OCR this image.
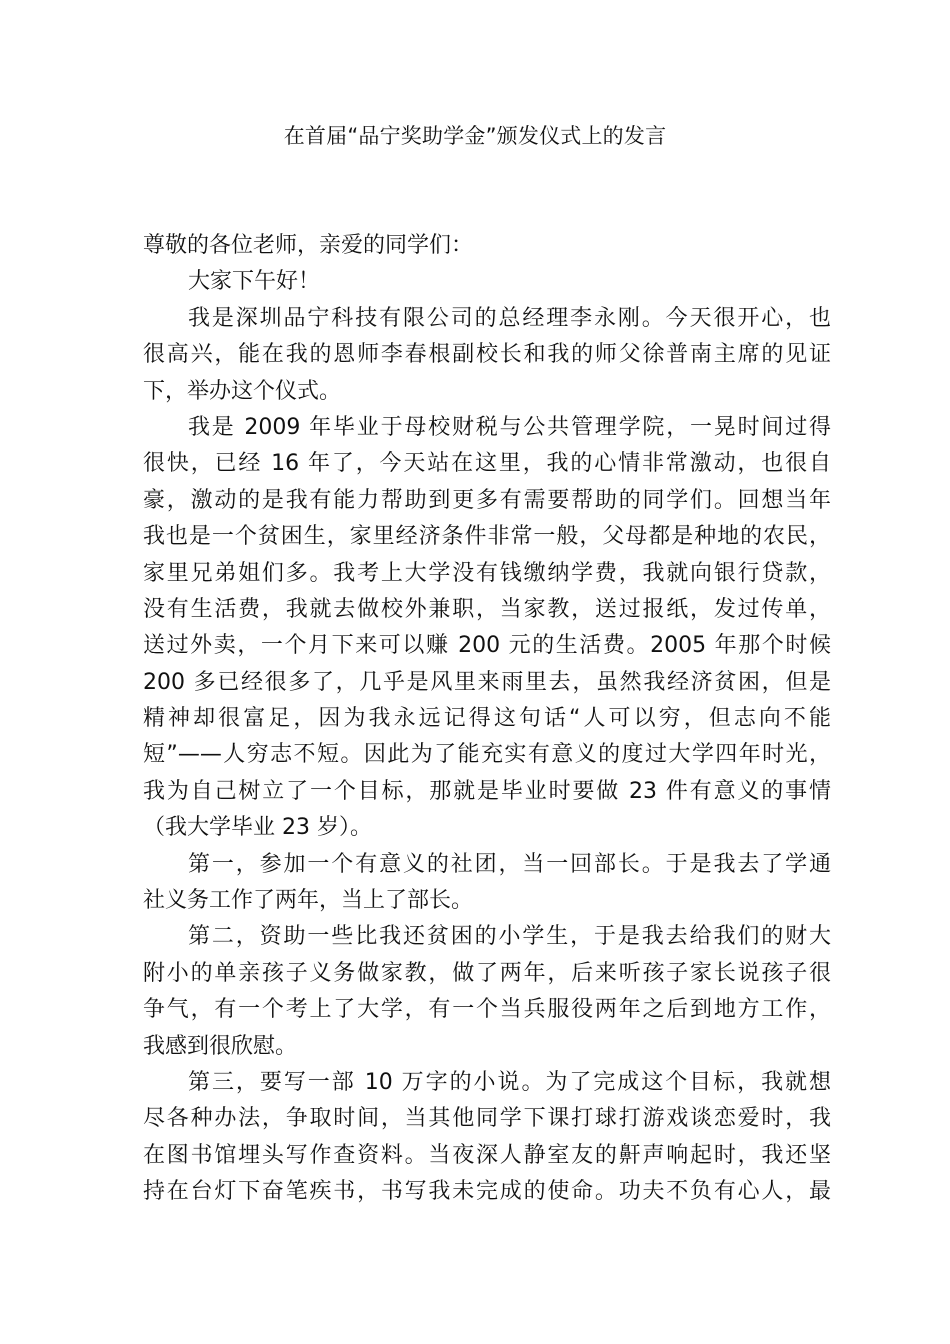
在首届“品宁奖助学金”颁发仪式上的发言
尊敬的各位老师，亲爱的同学们：
大家下午好！
我是深圳品宁科技有限公司的总经理李永刚。今天很开心，也
很高兴，能在我的恩师李春根副校长和我的师父徐普南主席的见证
下，举办这个仪式。
我是 2009 年毕业于母校财税与公共管理学院，一晃时间过得
很快，已经 16 年了，今天站在这里，我的心情非常激动，也很自
豪，激动的是我有能力帮助到更多有需要帮助的同学们。回想当年
我也是一个贫困生，家里经济条件非常一般，父母都是种地的农民，
家里兄弟姐们多。我考上大学没有钱缴纳学费，我就向银行贷款，
没有生活费，我就去做校外兼职，当家教，送过报纸，发过传单，
送过外卖，一个月下来可以赚 200 元的生活费。2005 年那个时候
200 多已经很多了，几乎是风里来雨里去，虽然我经济贫困，但是
精神却很富足，因为我永远记得这句话“人可以穷，但志向不能
短”——人穷志不短。因此为了能充实有意义的度过大学四年时光，
我为自己树立了一个目标，那就是毕业时要做 23 件有意义的事情
（我大学毕业 23 岁）。
第一，参加一个有意义的社团，当一回部长。于是我去了学通
社义务工作了两年，当上了部长。
第二，资助一些比我还贫困的小学生，于是我去给我们的财大
附小的单亲孩子义务做家教，做了两年，后来听孩子家长说孩子很
争气，有一个考上了大学，有一个当兵服役两年之后到地方工作，
我感到很欣慰。
第三，要写一部 10 万字的小说。为了完成这个目标，我就想
尽各种办法，争取时间，当其他同学下课打球打游戏谈恋爱时，我
在图书馆埋头写作查资料。当夜深人静室友的鼾声响起时，我还坚
持在台灯下奋笔疾书，书写我未完成的使命。功夫不负有心人，最
